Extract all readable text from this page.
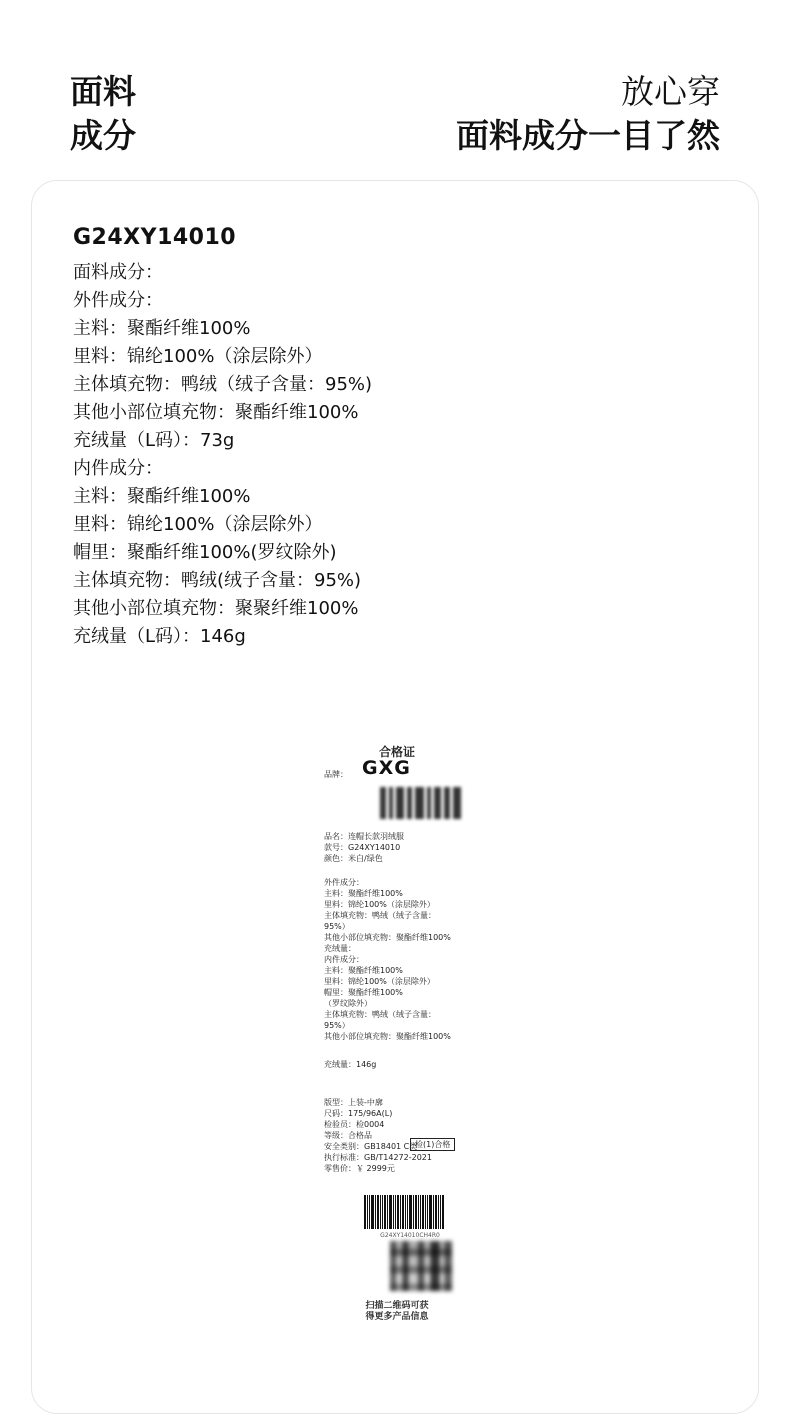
面料
成分
放心穿
面料成分一目了然
G24XY14010
面料成分：
外件成分：
主料：聚酯纤维100%
里料：锦纶100%（涂层除外）
主体填充物：鸭绒（绒子含量：95%)
其他小部位填充物：聚酯纤维100%
充绒量（L码）：73g
内件成分：
主料：聚酯纤维100%
里料：锦纶100%（涂层除外）
帽里：聚酯纤维100%(罗纹除外)
主体填充物：鸭绒(绒子含量：95%)
其他小部位填充物：聚聚纤维100%
充绒量（L码）：146g
合格证
品牌： GXG
品名：连帽长款羽绒服
款号：G24XY14010
颜色：米白/绿色
外件成分：
主料：聚酯纤维100%
里料：锦纶100%（涂层除外）
主体填充物：鸭绒（绒子含量：
95%）
其他小部位填充物：聚酯纤维100%
充绒量：
内件成分：
主料：聚酯纤维100%
里料：锦纶100%（涂层除外）
帽里：聚酯纤维100%
（罗纹除外）
主体填充物：鸭绒（绒子含量：
95%）
其他小部位填充物：聚酯纤维100%
充绒量：146g
版型：上装-中廓
尺码：175/96A(L)
检验员：检0004
等级：合格品
安全类别：GB18401 C类
执行标准：GB/T14272-2021
零售价：￥ 2999元
检(1)合格
G24XY14010CH4R0
扫描二维码可获
得更多产品信息
